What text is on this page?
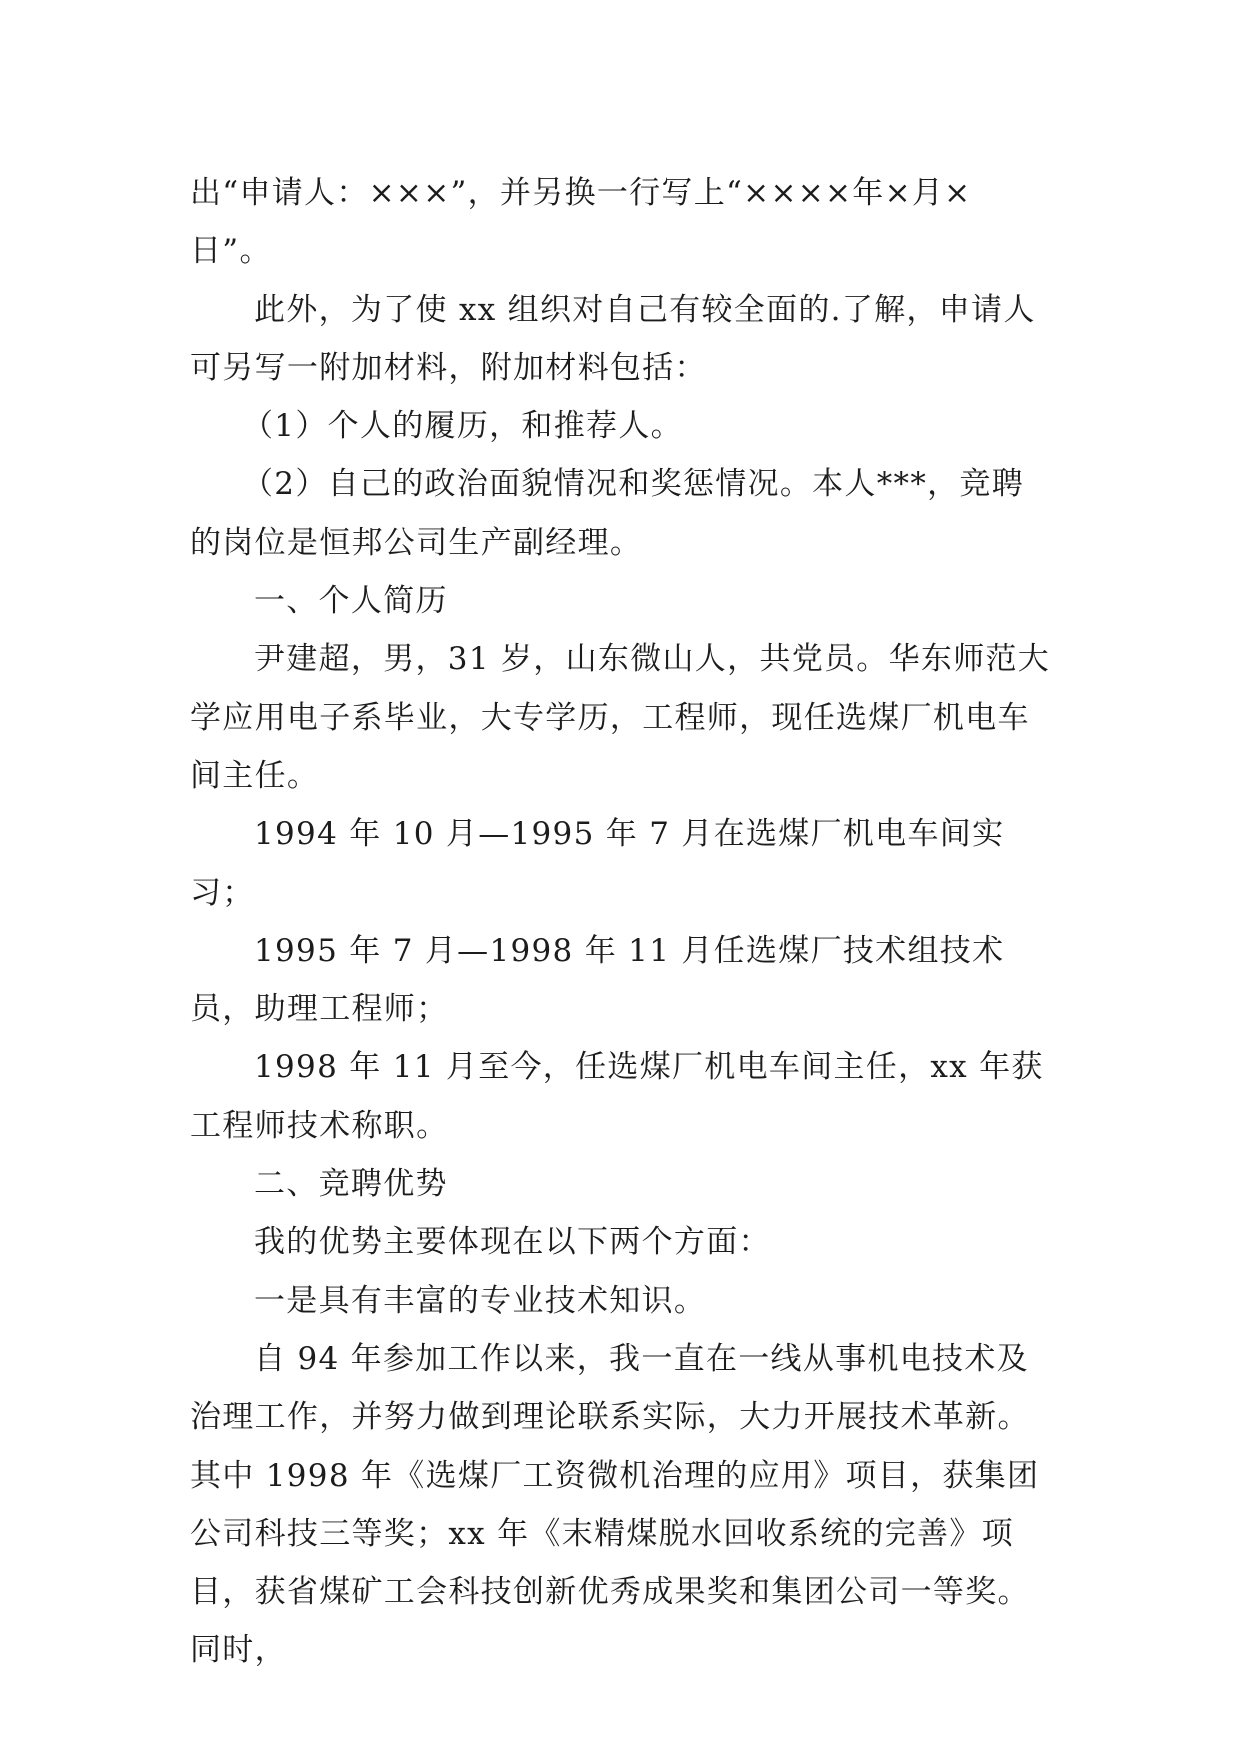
出“申请人：×××”，并另换一行写上“××××年×月×日”。

此外，为了使 xx 组织对自己有较全面的.了解，申请人可另写一附加材料，附加材料包括：

（1）个人的履历，和推荐人。

（2）自己的政治面貌情况和奖惩情况。本人***，竞聘的岗位是恒邦公司生产副经理。

一、个人简历

尹建超，男，31 岁，山东微山人，共党员。华东师范大学应用电子系毕业，大专学历，工程师，现任选煤厂机电车间主任。

1994 年 10 月—1995 年 7 月在选煤厂机电车间实习；

1995 年 7 月—1998 年 11 月任选煤厂技术组技术员，助理工程师；

1998 年 11 月至今，任选煤厂机电车间主任，xx 年获工程师技术称职。

二、竞聘优势

我的优势主要体现在以下两个方面：

一是具有丰富的专业技术知识。

自 94 年参加工作以来，我一直在一线从事机电技术及治理工作，并努力做到理论联系实际，大力开展技术革新。其中 1998 年《选煤厂工资微机治理的应用》项目，获集团公司科技三等奖；xx 年《末精煤脱水回收系统的完善》项目，获省煤矿工会科技创新优秀成果奖和集团公司一等奖。同时，
